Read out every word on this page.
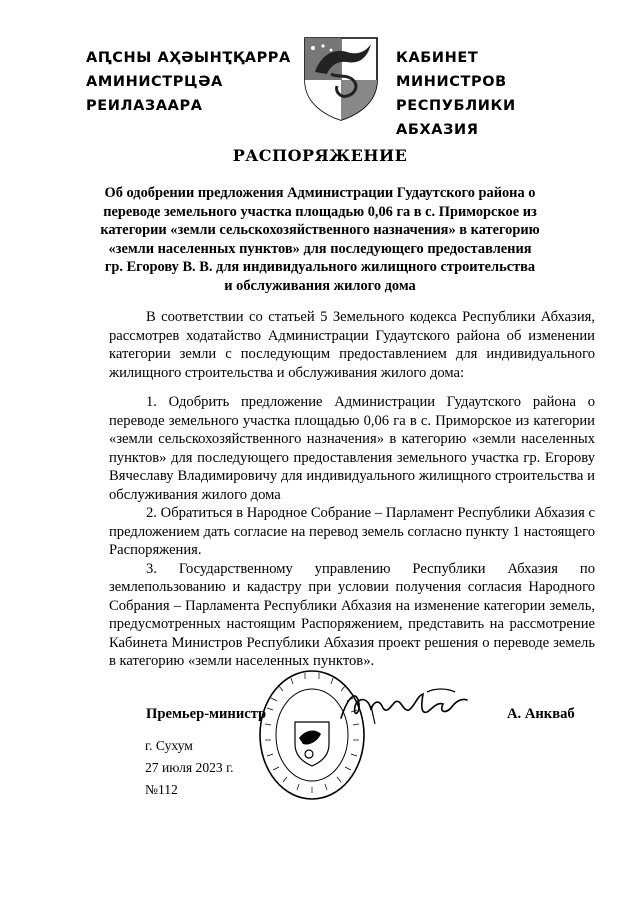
АԤСНЫ АҲӘЫНҬҚАРРА
АМИНИСТРЦӘА РЕИЛАЗААРА
КАБИНЕТ МИНИСТРОВ
РЕСПУБЛИКИ АБХАЗИЯ
РАСПОРЯЖЕНИЕ
Об одобрении предложения Администрации Гудаутского района о переводе земельного участка площадью 0,06 га в с. Приморское из категории «земли сельскохозяйственного назначения» в категорию «земли населенных пунктов» для последующего предоставления гр. Егорову В. В. для индивидуального жилищного строительства и обслуживания жилого дома

В соответствии со статьей 5 Земельного кодекса Республики Абхазия, рассмотрев ходатайство Администрации Гудаутского района об изменении категории земли с последующим предоставлением для индивидуального жилищного строительства и обслуживания жилого дома:

1. Одобрить предложение Администрации Гудаутского района о переводе земельного участка площадью 0,06 га в с. Приморское из категории «земли сельскохозяйственного назначения» в категорию «земли населенных пунктов» для последующего предоставления земельного участка гр. Егорову Вячеславу Владимировичу для индивидуального жилищного строительства и обслуживания жилого дома

2. Обратиться в Народное Собрание – Парламент Республики Абхазия с предложением дать согласие на перевод земель согласно пункту 1 настоящего Распоряжения.

3. Государственному управлению Республики Абхазия по землепользованию и кадастру при условии получения согласия Народного Собрания – Парламента Республики Абхазия на изменение категории земель, предусмотренных настоящим Распоряжением, представить на рассмотрение Кабинета Министров Республики Абхазия проект решения о переводе земель в категорию «земли населенных пунктов».

Премьер-министр	А. Анкваб
г. Сухум
27 июля 2023 г.
№112
